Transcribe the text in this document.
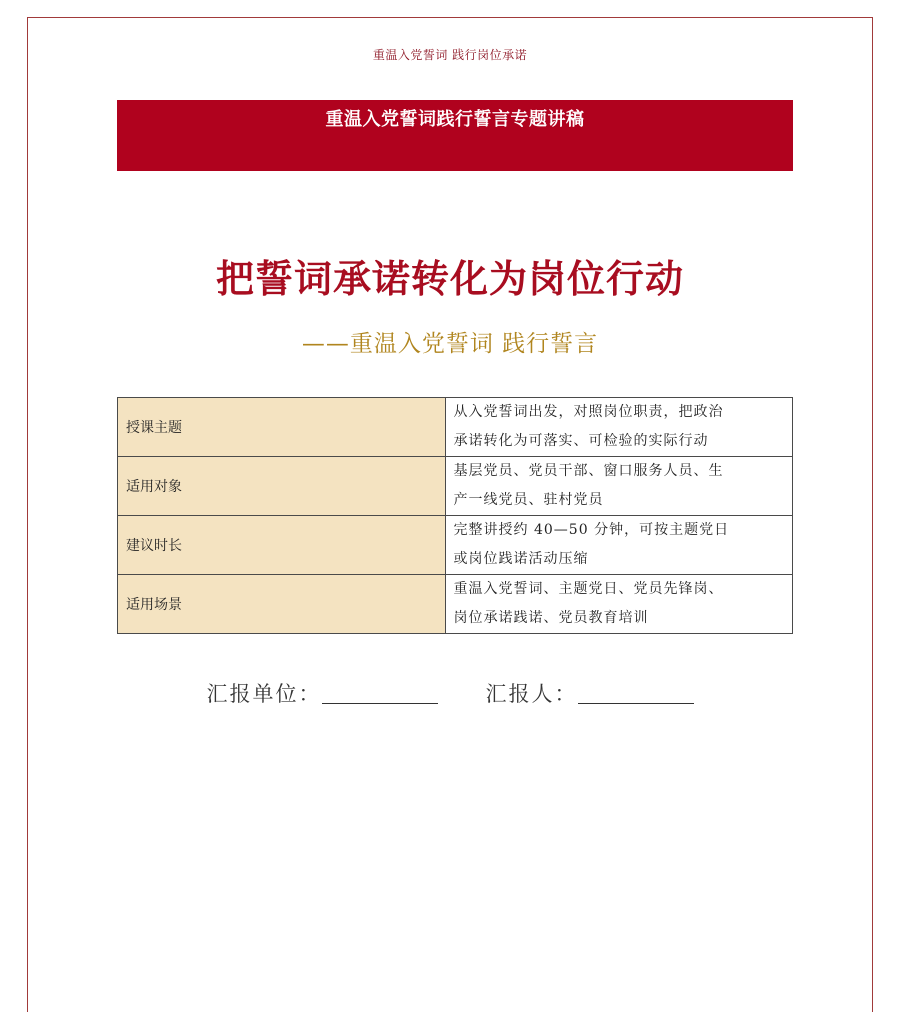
重温入党誓词 践行岗位承诺
重温入党誓词践行誓言专题讲稿
把誓词承诺转化为岗位行动
——重温入党誓词 践行誓言
授课主题	从入党誓词出发，对照岗位职责，把政治
承诺转化为可落实、可检验的实际行动

适用对象	基层党员、党员干部、窗口服务人员、生
产一线党员、驻村党员

建议时长	完整讲授约 40—50 分钟，可按主题党日
或岗位践诺活动压缩

适用场景	重温入党誓词、主题党日、党员先锋岗、
岗位承诺践诺、党员教育培训
汇报单位：	汇报人：
